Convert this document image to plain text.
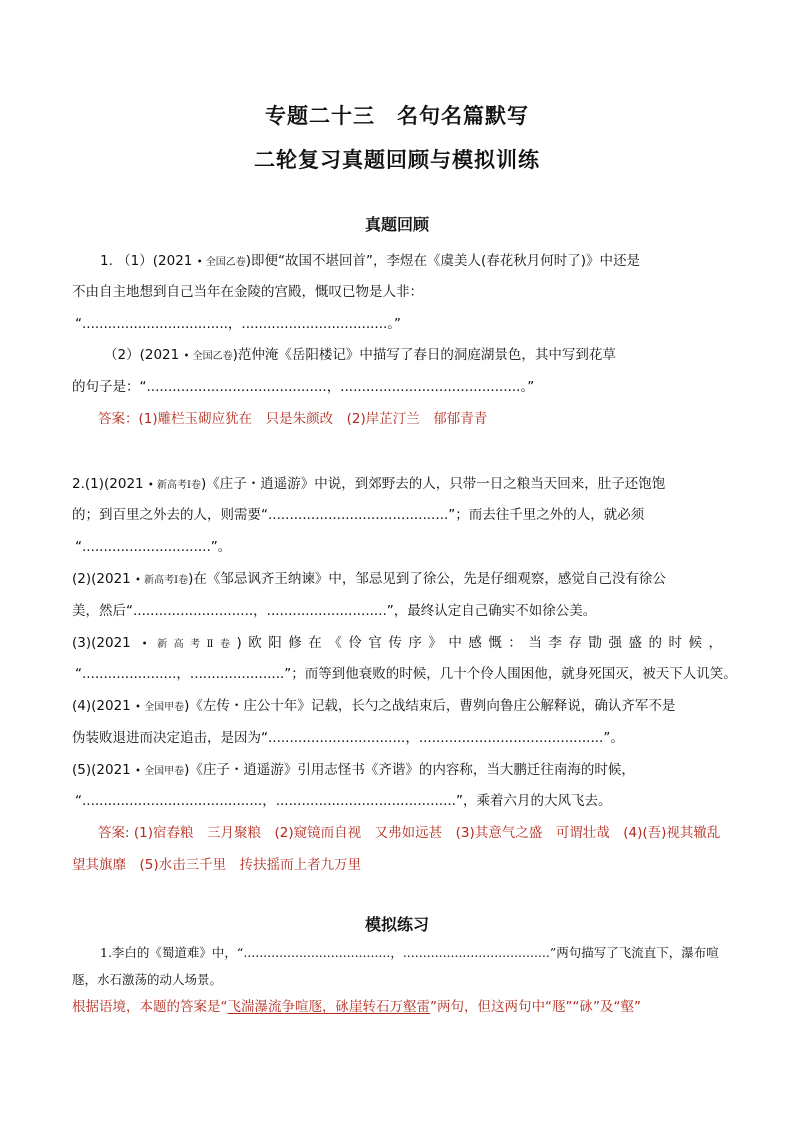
专题二十三　名句名篇默写
二轮复习真题回顾与模拟训练
真题回顾
1. （1）(2021 • 全国乙卷)即便“故国不堪回首”，李煜在《虞美人(春花秋月何时了)》中还是
不由自主地想到自己当年在金陵的宫殿，慨叹已物是人非：
“..................................，..................................。”
（2）(2021 • 全国乙卷)范仲淹《岳阳楼记》中描写了春日的洞庭湖景色，其中写到花草
的句子是：“..........................................，..........................................。”
答案：(1)雕栏玉砌应犹在　只是朱颜改　(2)岸芷汀兰　郁郁青青
2.(1)(2021 • 新高考Ⅰ卷)《庄子・逍遥游》中说，到郊野去的人，只带一日之粮当天回来，肚子还饱饱
的；到百里之外去的人，则需要“..........................................”；而去往千里之外的人，就必须
“..............................”。
(2)(2021 • 新高考Ⅰ卷)在《邹忌讽齐王纳谏》中，邹忌见到了徐公，先是仔细观察，感觉自己没有徐公
美，然后“............................，............................”，最终认定自己确实不如徐公美。
(3)(2021 • 新高考Ⅱ卷)欧阳修在《伶官传序》中感慨：当李存勖强盛的时候，
“......................，......................”；而等到他衰败的时候，几十个伶人围困他，就身死国灭，被天下人讥笑。
(4)(2021 • 全国甲卷)《左传・庄公十年》记载，长勺之战结束后，曹刿向鲁庄公解释说，确认齐军不是
伪装败退进而决定追击，是因为“................................，...........................................”。
(5)(2021 • 全国甲卷)《庄子・逍遥游》引用志怪书《齐谐》的内容称，当大鹏迁往南海的时候，
“..........................................，..........................................”，乘着六月的大风飞去。
答案: (1)宿舂粮　三月聚粮　(2)窥镜而自视　又弗如远甚　(3)其意气之盛　可谓壮哉　(4)(吾)视其辙乱
望其旗靡　(5)水击三千里　抟扶摇而上者九万里
模拟练习
1.李白的《蜀道难》中，“.....................................，.....................................”两句描写了飞流直下，瀑布喧
豗，水石激荡的动人场景。
根据语境，本题的答案是“飞湍瀑流争喧豗，砯崖转石万壑雷”两句，但这两句中“豗”“砯”及“壑”
